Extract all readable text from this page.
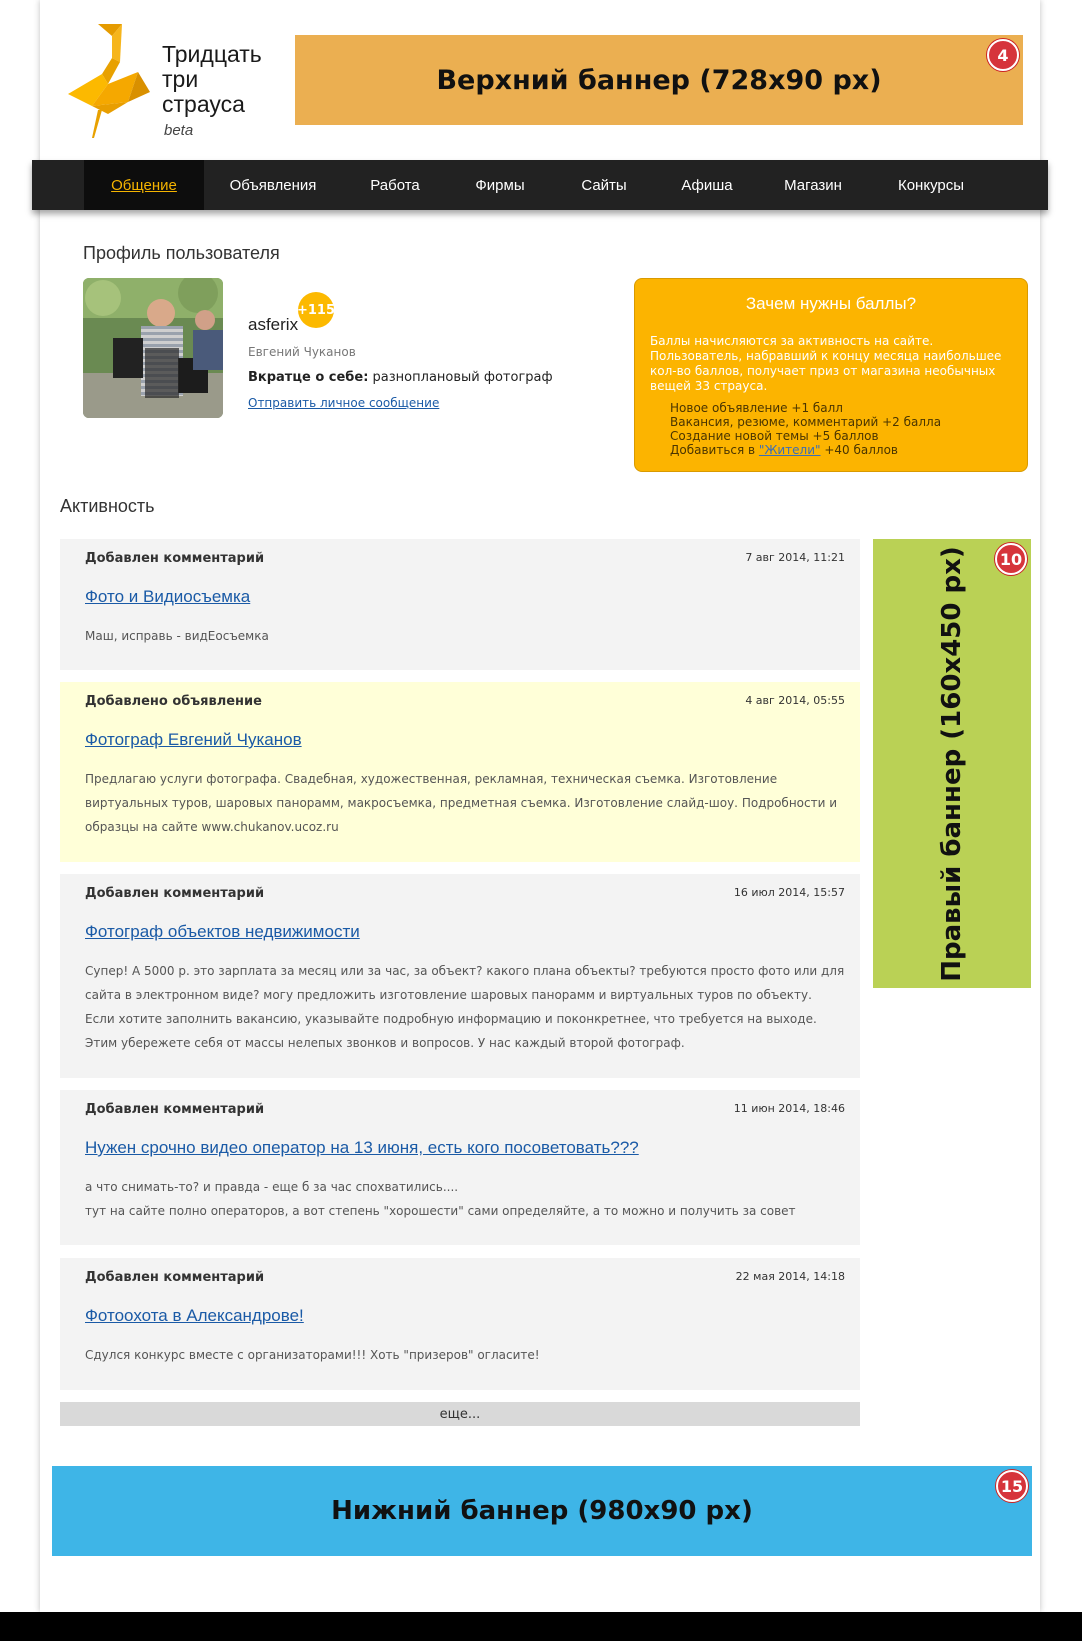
Тридцать
три
страуса
beta
Верхний баннер (728x90 px)
4
Общение	Объявления	Работа	Фирмы	Сайты	Афиша	Магазин	Конкурсы
Профиль пользователя
asferix
+115
Евгений Чуканов
Вкратце о себе: разноплановый фотограф
Отправить личное сообщение
Зачем нужны баллы?
Баллы начисляются за активность на сайте. Пользователь, набравший к концу месяца наибольшее кол-во баллов, получает приз от магазина необычных вещей 33 страуса.
Новое объявление +1 балл
Вакансия, резюме, комментарий +2 балла
Создание новой темы +5 баллов
Добавиться в "Жители" +40 баллов
Активность
Добавлен комментарий	7 авг 2014, 11:21
Фото и Видиосъемка
Маш, исправь - видЕосъемка
Добавлено объявление	4 авг 2014, 05:55
Фотограф Евгений Чуканов
Предлагаю услуги фотографа. Свадебная, художественная, рекламная, техническая съемка. Изготовление виртуальных туров, шаровых панорамм, макросъемка, предметная съемка. Изготовление слайд-шоу. Подробности и образцы на сайте www.chukanov.ucoz.ru
Добавлен комментарий	16 июл 2014, 15:57
Фотограф объектов недвижимости
Супер! А 5000 р. это зарплата за месяц или за час, за объект? какого плана объекты? требуются просто фото или для сайта в электронном виде? могу предложить изготовление шаровых панорамм и виртуальных туров по объекту. Если хотите заполнить вакансию, указывайте подробную информацию и поконкретнее, что требуется на выходе. Этим убережете себя от массы нелепых звонков и вопросов. У нас каждый второй фотограф.
Добавлен комментарий	11 июн 2014, 18:46
Нужен срочно видео оператор на 13 июня, есть кого посоветовать???
а что снимать-то? и правда - еще б за час спохватились....
тут на сайте полно операторов, а вот степень "хорошести" сами определяйте, а то можно и получить за совет
Добавлен комментарий	22 мая 2014, 14:18
Фотоохота в Александрове!
Сдулся конкурс вместе с организаторами!!! Хоть "призеров" огласите!
еще...
Правый баннер (160x450 px)	10
Нижний баннер (980x90 px)
15
